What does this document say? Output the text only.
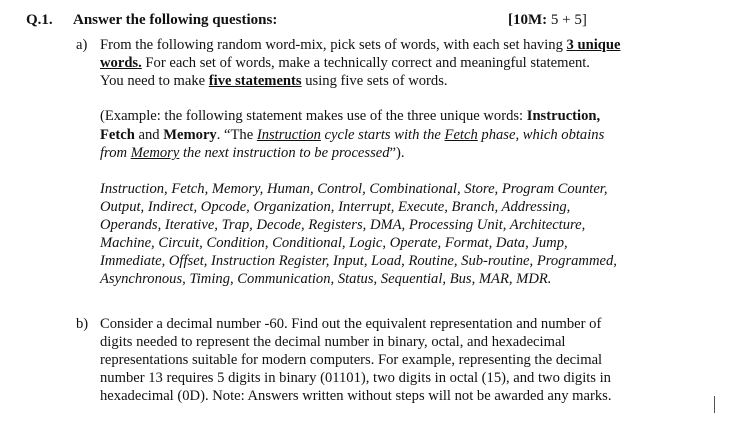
Q.1. Answer the following questions:	[10M: 5 + 5]
a) From the following random word-mix, pick sets of words, with each set having 3 unique
words. For each set of words, make a technically correct and meaningful statement.
You need to make five statements using five sets of words.
(Example: the following statement makes use of the three unique words: Instruction,
Fetch and Memory. “The Instruction cycle starts with the Fetch phase, which obtains
from Memory the next instruction to be processed”).
Instruction, Fetch, Memory, Human, Control, Combinational, Store, Program Counter,
Output, Indirect, Opcode, Organization, Interrupt, Execute, Branch, Addressing,
Operands, Iterative, Trap, Decode, Registers, DMA, Processing Unit, Architecture,
Machine, Circuit, Condition, Conditional, Logic, Operate, Format, Data, Jump,
Immediate, Offset, Instruction Register, Input, Load, Routine, Sub-routine, Programmed,
Asynchronous, Timing, Communication, Status, Sequential, Bus, MAR, MDR.
b) Consider a decimal number -60. Find out the equivalent representation and number of
digits needed to represent the decimal number in binary, octal, and hexadecimal
representations suitable for modern computers. For example, representing the decimal
number 13 requires 5 digits in binary (01101), two digits in octal (15), and two digits in
hexadecimal (0D). Note: Answers written without steps will not be awarded any marks.
